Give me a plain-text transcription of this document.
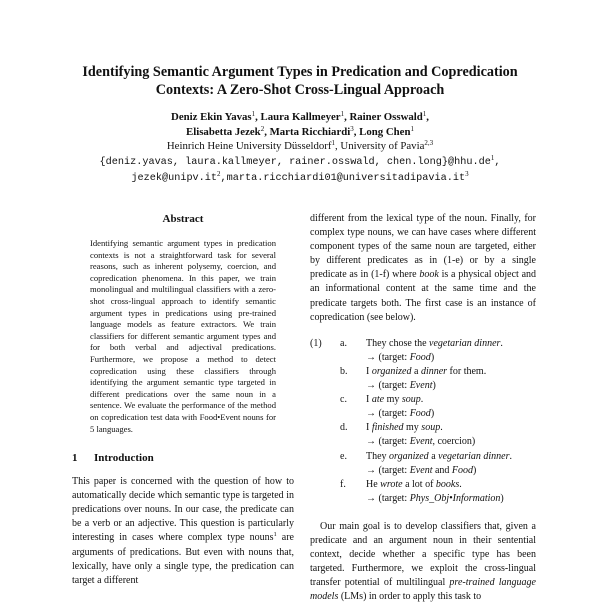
Identifying Semantic Argument Types in Predication and Copredication
Contexts: A Zero-Shot Cross-Lingual Approach
Deniz Ekin Yavas$^1$, Laura Kallmeyer$^1$, Rainer Osswald$^1$,
Elisabetta Jezek$^2$, Marta Ricchiardi$^3$, Long Chen$^1$
Heinrich Heine University Düsseldorf$^1$, University of Pavia$^{2,3}$
{deniz.yavas, laura.kallmeyer, rainer.osswald, $chen.long\}@hhu.de^1$,
$jezek@unipv.it^2,marta.ricchiardi01@universitadipavia.it^3$
Abstract

Identifying semantic argument types in predication contexts is not a straightforward task for several reasons, such as inherent polysemy, coercion, and copredication phenomena. In this paper, we train monolingual and multilingual classifiers with a zero-shot cross-lingual approach to identify semantic argument types in predications using pre-trained language models as feature extractors. We train classifiers for different semantic argument types and for both verbal and adjectival predications. Furthermore, we propose a method to detect copredication using these classifiers through identifying the argument semantic type targeted in different predications over the same noun in a sentence. We evaluate the performance of the method on copredication test data with Food•Event nouns for 5 languages.

1 Introduction

This paper is concerned with the question of how to automatically decide which semantic type is targeted in predications over nouns. In our case, the predicate can be a verb or an adjective. This question is particularly interesting in cases where complex type nouns$^1$ are arguments of predications. But even with nouns that, lexically, have only a single type, the predication can target a different

different from the lexical type of the noun. Finally, for complex type nouns, we can have cases where different component types of the same noun are targeted, either by different predicates as in (1-e) or by a single predicate as in (1-f) where book is a physical object and an informational content at the same time and the predicate targets both. The first case is an instance of copredication (see below).

(1)	a.	They chose the vegetarian dinner.
→ (target: Food)
b.	I organized a dinner for them.
→ (target: Event)
c.	I ate my soup.
→ (target: Food)
d.	I finished my soup.
→ (target: Event, coercion)
e.	They organized a vegetarian dinner.
→ (target: Event and Food)
f.	He wrote a lot of books.
→ (target: Phys_Obj•Information)

 Our main goal is to develop classifiers that, given a predicate and an argument noun in their sentential context, decide whether a specific type has been targeted. Furthermore, we exploit the cross-lingual transfer potential of multilingual pre-trained language models (LMs) in order to apply this task to
